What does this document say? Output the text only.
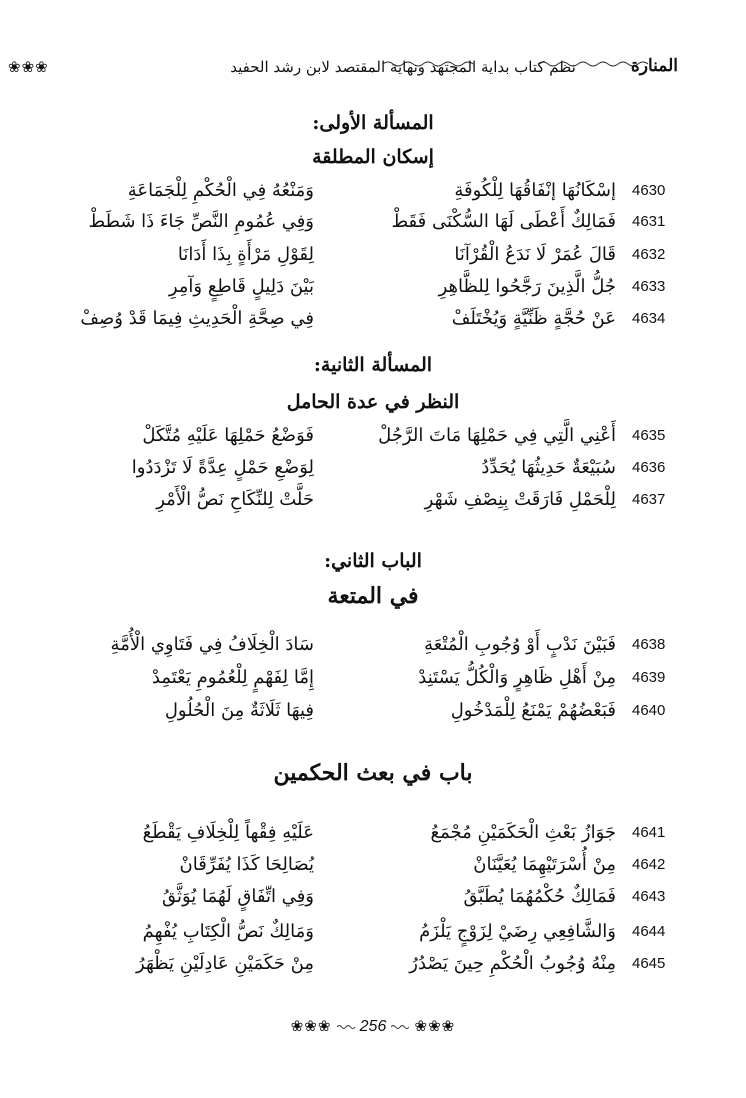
❀❀❀	نظم كتاب بداية المجتهد ونهاية المقتصد لابن رشد الحفيد	المنارة
المسألة الأولى:
إسكان المطلقة
4630
إسْكَانُهَا إنْفَاقُهَا لِلْكُوفَةِ
وَمَنْعُهُ فِي الْحُكْمِ لِلْجَمَاعَةِ
4631
فَمَالِكٌ أَعْطَى لَهَا السُّكْنَى فَقَطْ
وَفِي عُمُومِ النَّصِّ جَاءَ ذَا شَطَطْ
4632
قَالَ عُمَرْ لَا نَدَعُ الْقُرْآنَا
لِقَوْلِ مَرْأَةٍ بِذَا أَدَانَا
4633
جُلُّ الَّذِينَ رَجَّحُوا لِلظَّاهِرِ
بَيْنَ دَلِيلٍ قَاطِعٍ وَآمِرِ
4634
عَنْ حُجَّةٍ ظَنِّيَّةٍ وَيُخْتَلَفْ
فِي صِحَّةِ الْحَدِيثِ فِيمَا قَدْ وُصِفْ
المسألة الثانية:
النظر في عدة الحامل
4635
أَعْنِي الَّتِي فِي حَمْلِهَا مَاتَ الرَّجُلْ
فَوَضْعُ حَمْلِهَا عَلَيْهِ مُتَّكَلْ
4636
سُبَيْعَةٌ حَدِيثُهَا يُحَدِّدُ
لِوَضْعِ حَمْلٍ عِدَّةً لَا تَزْدَدُوا
4637
لِلْحَمْلِ فَارَقَتْ بِنِصْفِ شَهْرِ
حَلَّتْ لِلنِّكَاحِ نَصُّ الْأَمْرِ
الباب الثاني:
في المتعة
4638
فَبَيْنَ نَدْبٍ أَوْ وُجُوبِ الْمُتْعَةِ
سَادَ الْخِلَافُ فِي فَتَاوِي الْأُمَّةِ
4639
مِنْ أَهْلِ ظَاهِرٍ وَالْكُلُّ يَسْتَنِدْ
إِمَّا لِفَهْمٍ لِلْعُمُومِ يَعْتَمِدْ
4640
فَبَعْضُهُمْ يَمْنَعُ لِلْمَدْخُولِ
فِيهَا ثَلَاثَةٌ مِنَ الْحُلُولِ
باب في بعث الحكمين
4641
جَوَازُ بَعْثِ الْحَكَمَيْنِ مُجْمَعُ
عَلَيْهِ فِقْهاً لِلْخِلَافِ يَقْطَعُ
4642
مِنْ أُسْرَتَيْهِمَا يُعَيَّنَانْ
يُصَالِحَا كَذَا يُفَرِّقَانْ
4643
فَمَالِكٌ حُكْمُهُمَا يُطَبَّقُ
وَفِي اتِّفَاقٍ لَهُمَا يُوَثَّقُ
4644
وَالشَّافِعِي رِضَيْ لِزَوْجٍ يَلْزَمُ
وَمَالِكٌ نَصُّ الْكِتَابِ يُفْهِمُ
4645
مِنْهُ وُجُوبُ الْحُكْمِ حِينَ يَصْدُرُ
مِنْ حَكَمَيْنِ عَادِلَيْنِ يَظْهَرُ
❀❀❀ 256 ❀❀❀
